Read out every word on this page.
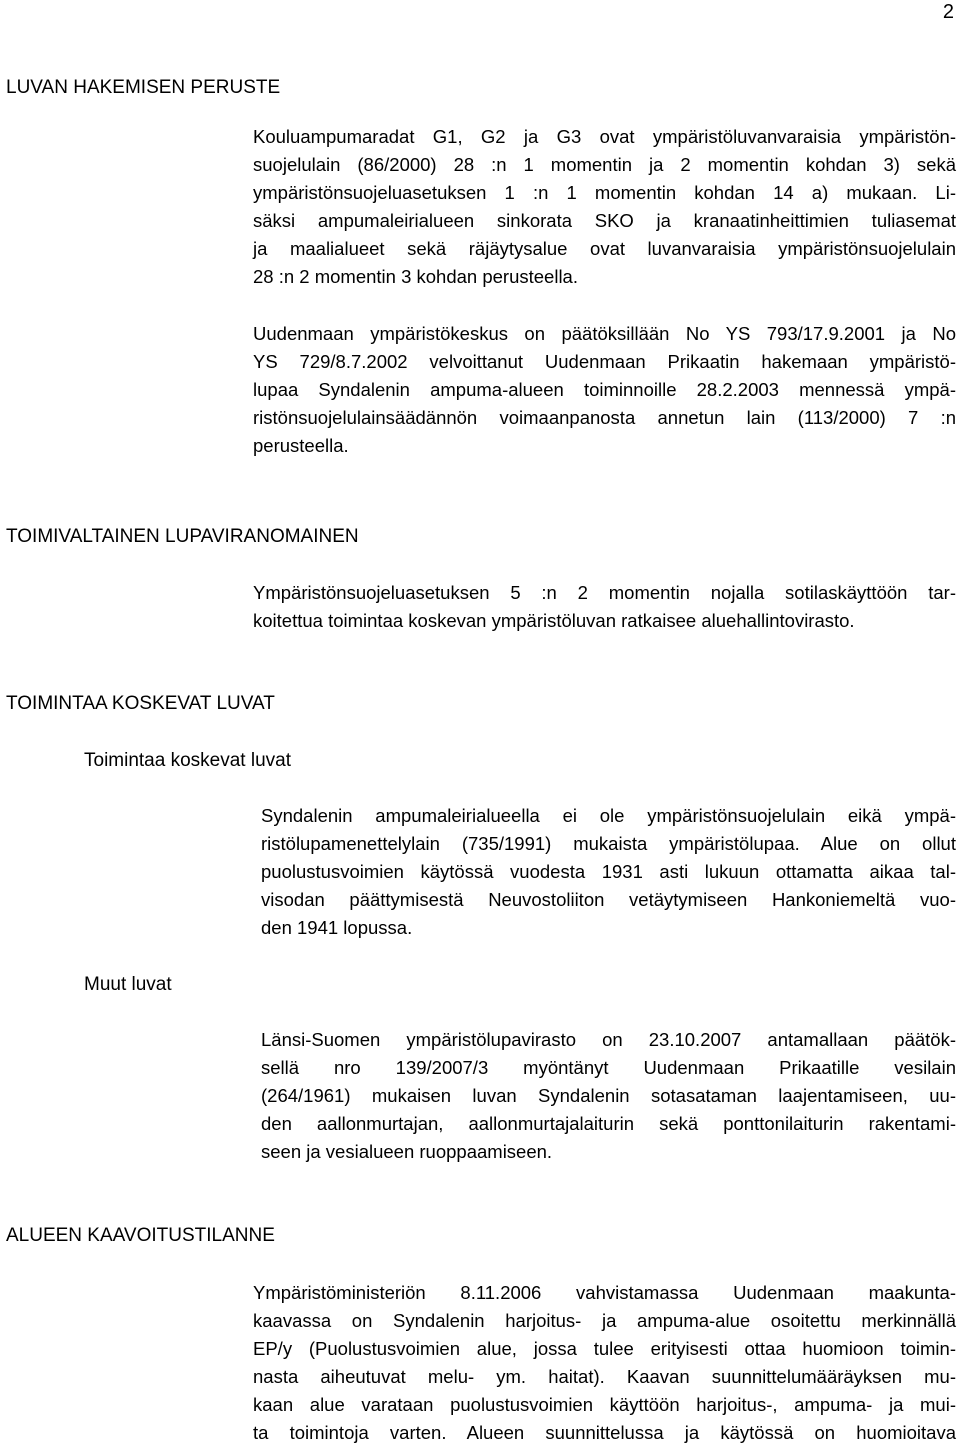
2
LUVAN HAKEMISEN PERUSTE
Kouluampumaradat G1, G2 ja G3 ovat ympäristöluvanvaraisia ympäristön-
suojelulain (86/2000) 28 :n 1 momentin ja 2 momentin kohdan 3) sekä
ympäristönsuojeluasetuksen 1 :n 1 momentin kohdan 14 a) mukaan. Li-
säksi ampumaleirialueen sinkorata SKO ja kranaatinheittimien tuliasemat
ja maalialueet sekä räjäytysalue ovat luvanvaraisia ympäristönsuojelulain
28 :n 2 momentin 3 kohdan perusteella.
Uudenmaan ympäristökeskus on päätöksillään No YS 793/17.9.2001 ja No
YS 729/8.7.2002 velvoittanut Uudenmaan Prikaatin hakemaan ympäristö-
lupaa Syndalenin ampuma-alueen toiminnoille 28.2.2003 mennessä ympä-
ristönsuojelulainsäädännön voimaanpanosta annetun lain (113/2000) 7 :n
perusteella.
TOIMIVALTAINEN LUPAVIRANOMAINEN
Ympäristönsuojeluasetuksen 5 :n 2 momentin nojalla sotilaskäyttöön tar-
koitettua toimintaa koskevan ympäristöluvan ratkaisee aluehallintovirasto.
TOIMINTAA KOSKEVAT LUVAT
Toimintaa koskevat luvat
Syndalenin ampumaleirialueella ei ole ympäristönsuojelulain eikä ympä-
ristölupamenettelylain (735/1991) mukaista ympäristölupaa. Alue on ollut
puolustusvoimien käytössä vuodesta 1931 asti lukuun ottamatta aikaa tal-
visodan päättymisestä Neuvostoliiton vetäytymiseen Hankoniemeltä vuo-
den 1941 lopussa.
Muut luvat
Länsi-Suomen ympäristölupavirasto on 23.10.2007 antamallaan päätök-
sellä nro 139/2007/3 myöntänyt Uudenmaan Prikaatille vesilain
(264/1961) mukaisen luvan Syndalenin sotasataman laajentamiseen, uu-
den aallonmurtajan, aallonmurtajalaiturin sekä ponttonilaiturin rakentami-
seen ja vesialueen ruoppaamiseen.
ALUEEN KAAVOITUSTILANNE
Ympäristöministeriön 8.11.2006 vahvistamassa Uudenmaan maakunta-
kaavassa on Syndalenin harjoitus- ja ampuma-alue osoitettu merkinnällä
EP/y (Puolustusvoimien alue, jossa tulee erityisesti ottaa huomioon toimin-
nasta aiheutuvat melu- ym. haitat). Kaavan suunnittelumääräyksen mu-
kaan alue varataan puolustusvoimien käyttöön harjoitus-, ampuma- ja mui-
ta toimintoja varten. Alueen suunnittelussa ja käytössä on huomioitava
